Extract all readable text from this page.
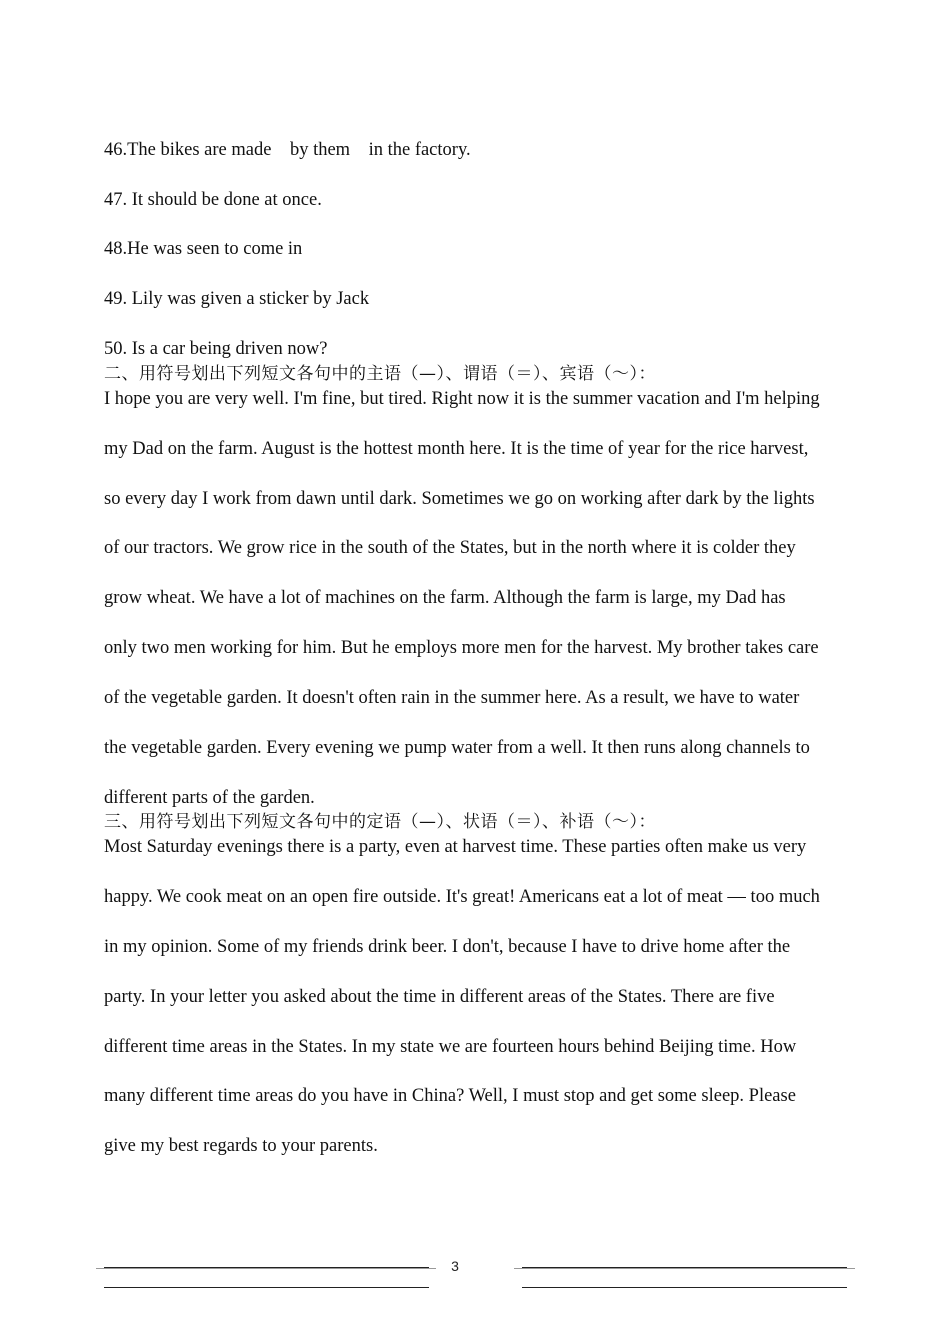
46.The bikes are made    by them    in the factory.
47. It should be done at once.
48.He was seen to come in
49. Lily was given a sticker by Jack
50. Is a car being driven now?
二、用符号划出下列短文各句中的主语（—）、谓语（＝）、宾语（～）：
I hope you are very well. I'm fine, but tired. Right now it is the summer vacation and I'm helping
my Dad on the farm. August is the hottest month here. It is the time of year for the rice harvest,
so every day I work from dawn until dark. Sometimes we go on working after dark by the lights
of our tractors. We grow rice in the south of the States, but in the north where it is colder they
grow wheat. We have a lot of machines on the farm. Although the farm is large, my Dad has
only two men working for him. But he employs more men for the harvest. My brother takes care
of the vegetable garden. It doesn't often rain in the summer here. As a result, we have to water
the vegetable garden. Every evening we pump water from a well. It then runs along channels to
different parts of the garden.
三、用符号划出下列短文各句中的定语（—）、状语（＝）、补语（～）：
Most Saturday evenings there is a party, even at harvest time. These parties often make us very
happy. We cook meat on an open fire outside. It's great! Americans eat a lot of meat — too much
in my opinion. Some of my friends drink beer. I don't, because I have to drive home after the
party. In your letter you asked about the time in different areas of the States. There are five
different time areas in the States. In my state we are fourteen hours behind Beijing time. How
many different time areas do you have in China? Well, I must stop and get some sleep. Please
give my best regards to your parents.
3
